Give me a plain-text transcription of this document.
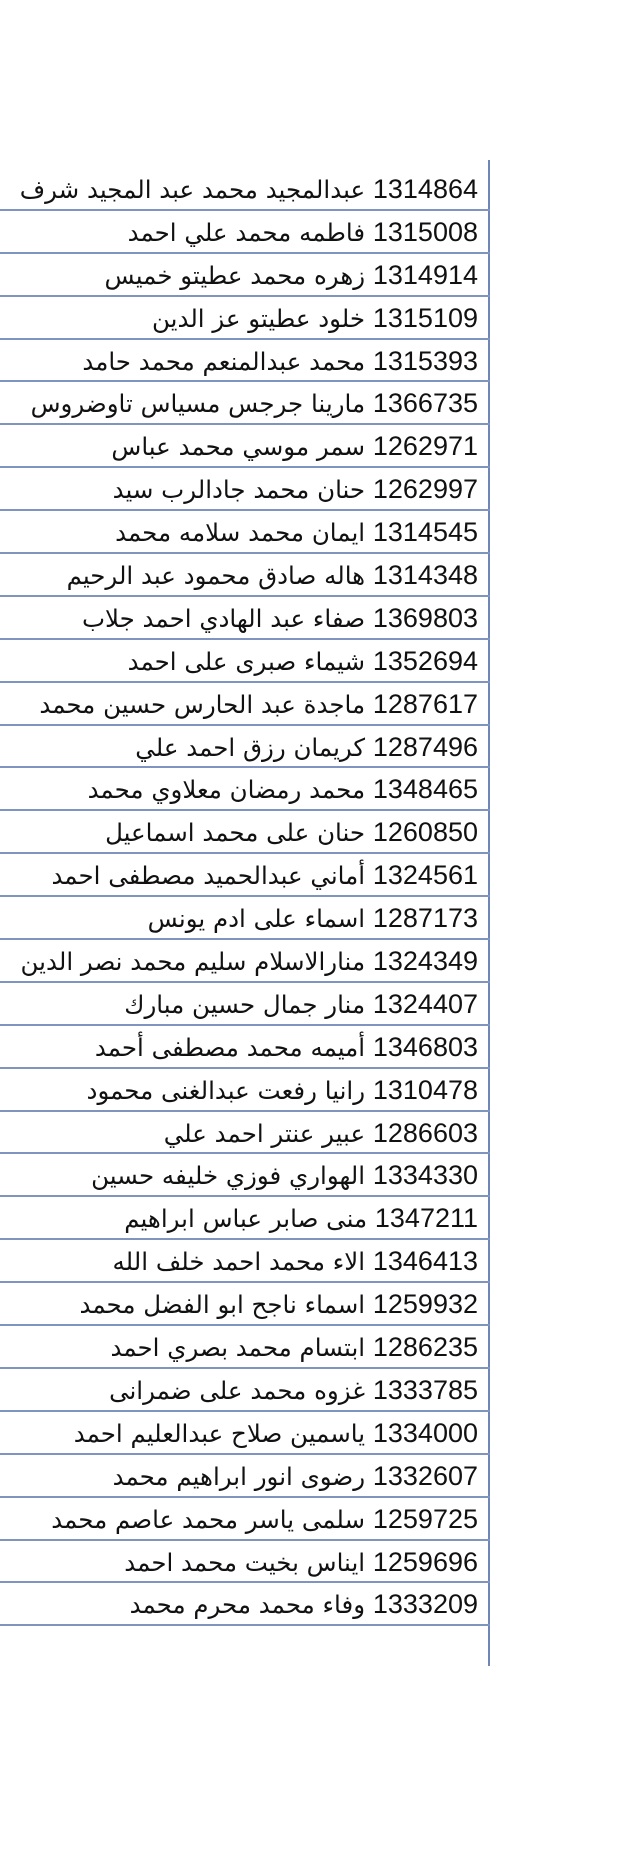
1314864 عبدالمجيد محمد عبد المجيد شرف
1315008 فاطمه محمد علي احمد
1314914 زهره محمد عطيتو خميس
1315109 خلود عطيتو عز الدين
1315393 محمد عبدالمنعم محمد حامد
1366735 مارينا جرجس مسياس تاوضروس
1262971 سمر موسي محمد عباس
1262997 حنان محمد جادالرب سيد
1314545 ايمان محمد سلامه محمد
1314348 هاله صادق محمود عبد الرحيم
1369803 صفاء عبد الهادي احمد جلاب
1352694 شيماء صبرى على احمد
1287617 ماجدة عبد الحارس حسين محمد
1287496 كريمان رزق احمد علي
1348465 محمد رمضان معلاوي محمد
1260850 حنان على محمد اسماعيل
1324561 أماني عبدالحميد مصطفى احمد
1287173 اسماء على ادم يونس
1324349 منارالاسلام سليم محمد نصر الدين
1324407 منار جمال حسين مبارك
1346803 أميمه محمد مصطفى أحمد
1310478 رانيا رفعت عبدالغنى محمود
1286603 عبير عنتر احمد علي
1334330 الهواري فوزي خليفه حسين
1347211 منى صابر عباس ابراهيم
1346413 الاء محمد احمد خلف الله
1259932 اسماء ناجح ابو الفضل محمد
1286235 ابتسام محمد بصري احمد
1333785 غزوه محمد على ضمرانى
1334000 ياسمين صلاح عبدالعليم احمد
1332607 رضوى انور ابراهيم محمد
1259725 سلمى ياسر محمد عاصم محمد
1259696 ايناس بخيت محمد احمد
1333209 وفاء محمد محرم محمد
